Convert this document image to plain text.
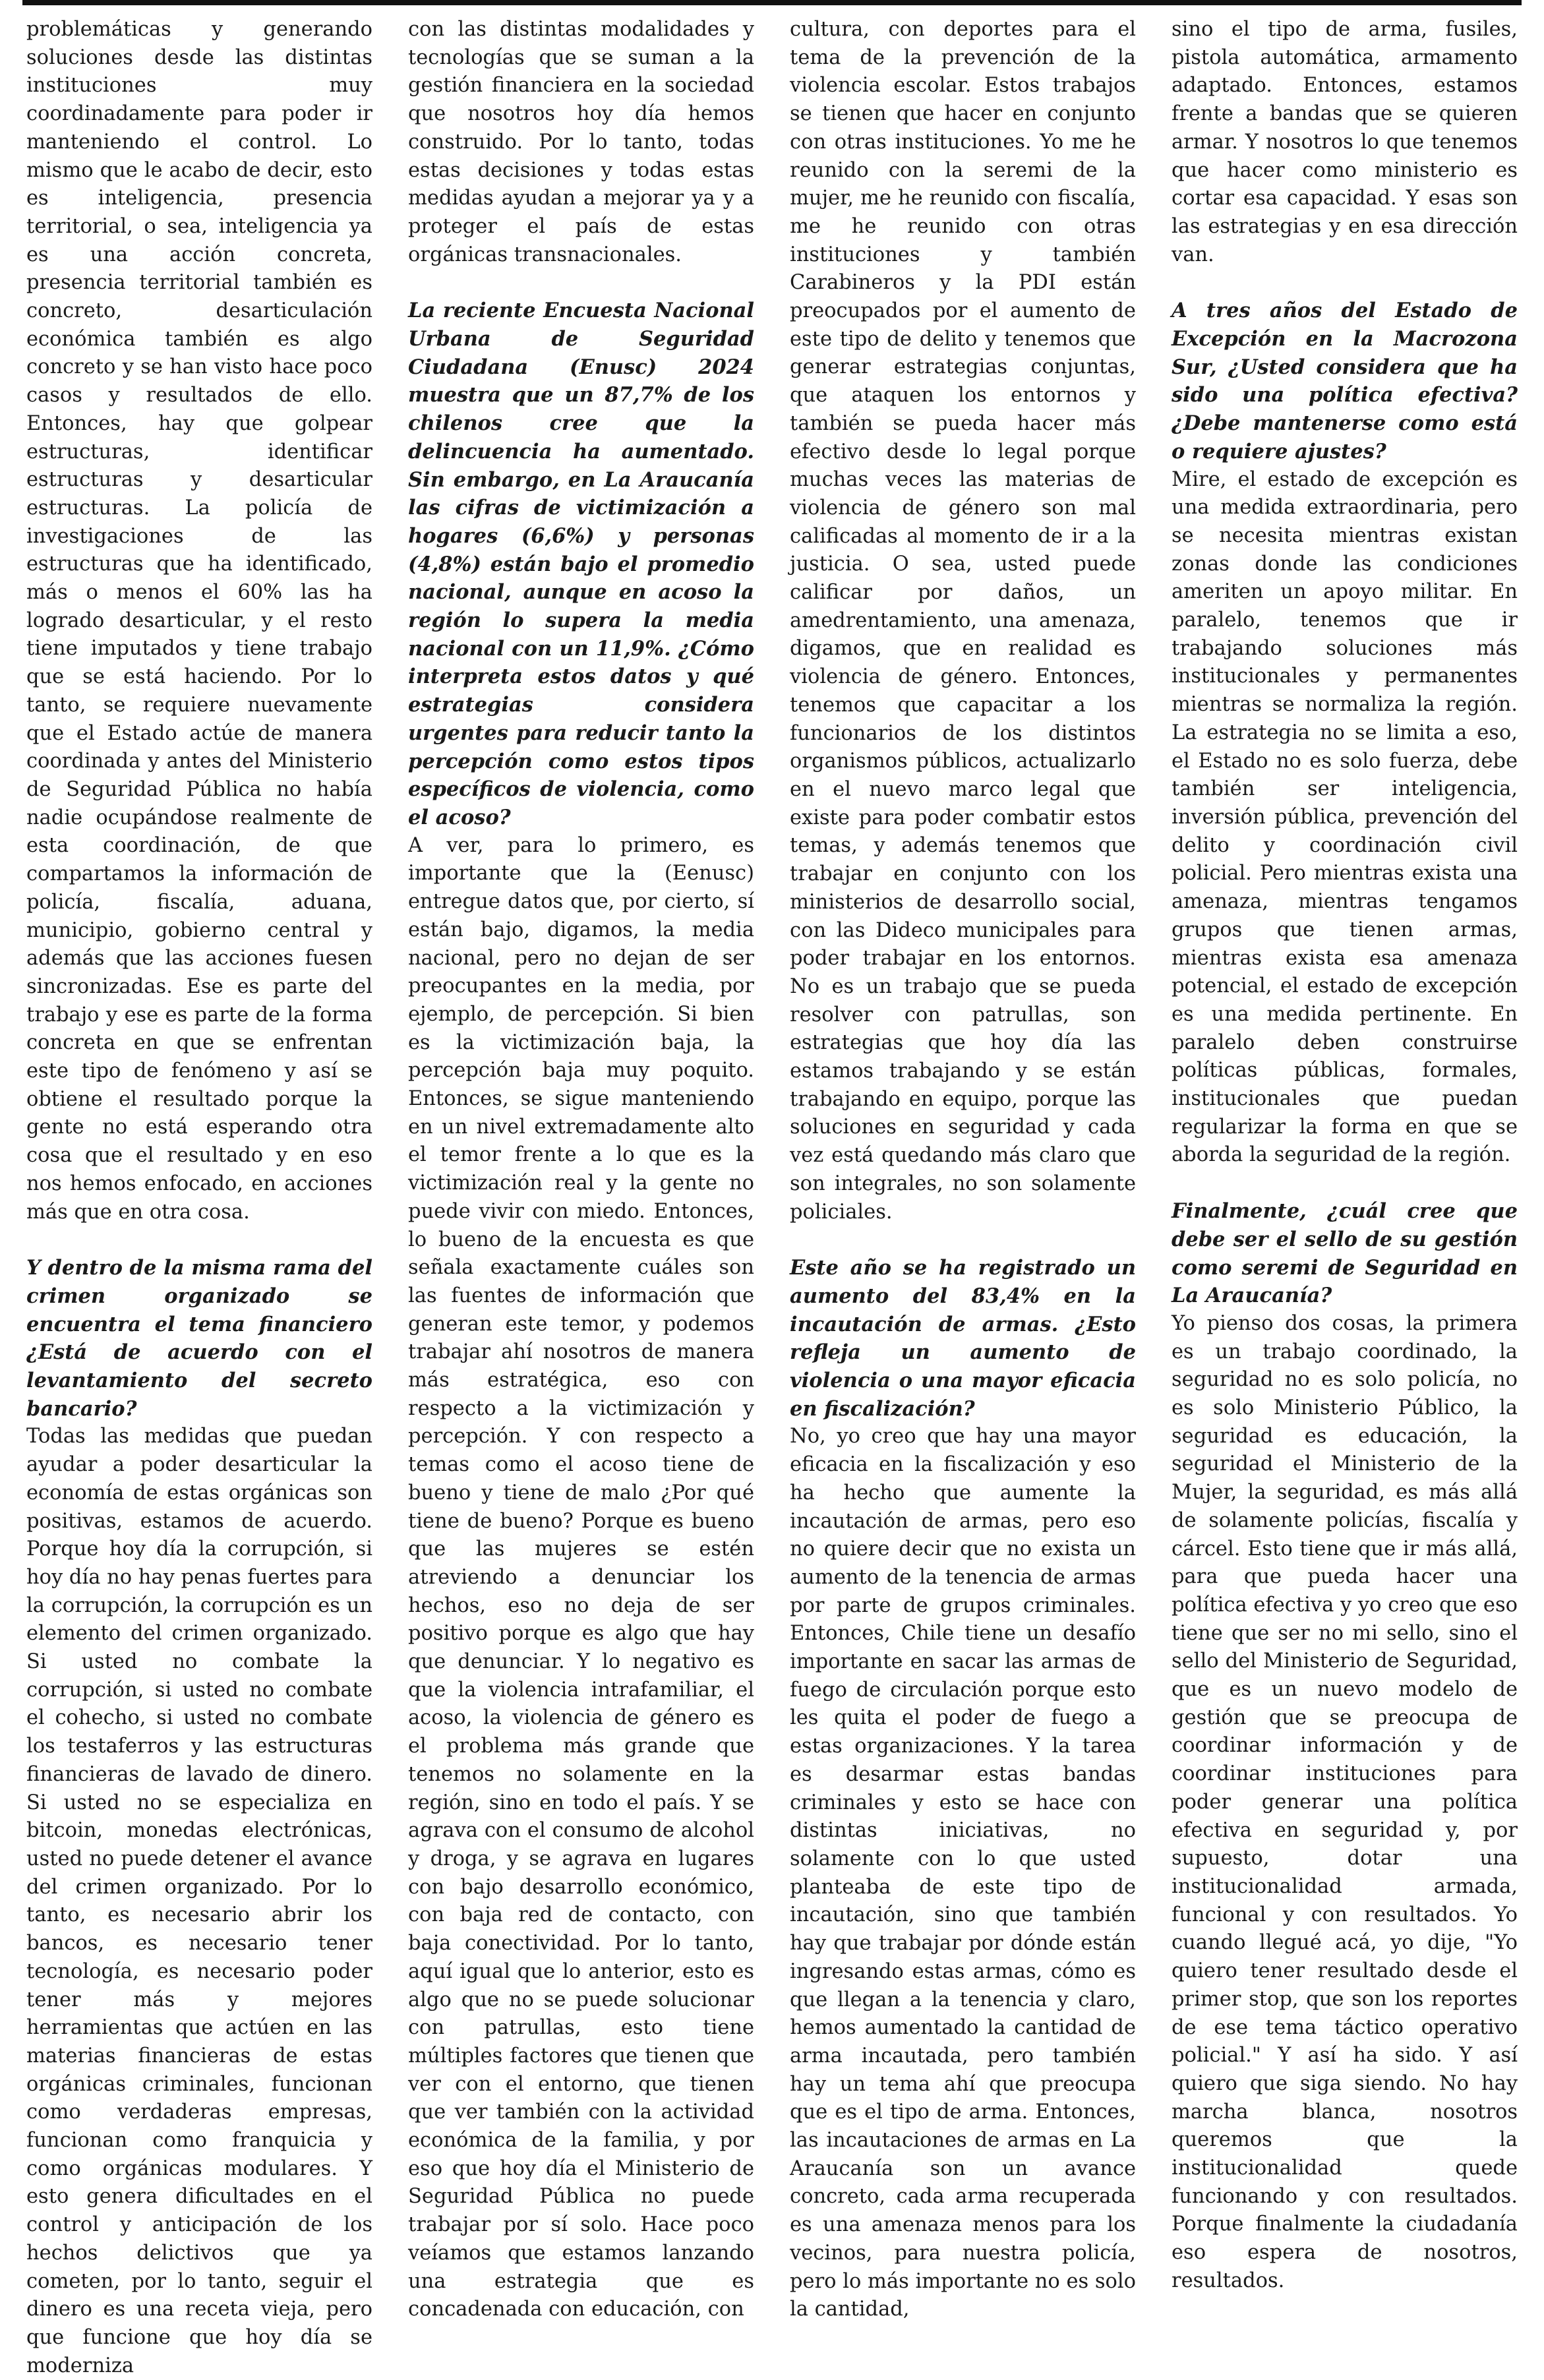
problemáticas y generando soluciones desde las distintas instituciones muy coordinadamente para poder ir manteniendo el control. Lo mismo que le acabo de decir, esto es inteligencia, presencia territorial, o sea, inteligencia ya es una acción concreta, presencia territorial también es concreto, desarticulación económica también es algo concreto y se han visto hace poco casos y resultados de ello. Entonces, hay que golpear estructuras, identificar estructuras y desarticular estructuras. La policía de investigaciones de las estructuras que ha identificado, más o menos el 60% las ha logrado desarticular, y el resto tiene imputados y tiene trabajo que se está haciendo. Por lo tanto, se requiere nuevamente que el Estado actúe de manera coordinada y antes del Ministerio de Seguridad Pública no había nadie ocupándose realmente de esta coordinación, de que compartamos la información de policía, fiscalía, aduana, municipio, gobierno central y además que las acciones fuesen sincronizadas. Ese es parte del trabajo y ese es parte de la forma concreta en que se enfrentan este tipo de fenómeno y así se obtiene el resultado porque la gente no está esperando otra cosa que el resultado y en eso nos hemos enfocado, en acciones más que en otra cosa.

Y dentro de la misma rama del crimen organizado se encuentra el tema financiero ¿Está de acuerdo con el levantamiento del secreto bancario?

Todas las medidas que puedan ayudar a poder desarticular la economía de estas orgánicas son positivas, estamos de acuerdo. Porque hoy día la corrupción, si hoy día no hay penas fuertes para la corrupción, la corrupción es un elemento del crimen organizado. Si usted no combate la corrupción, si usted no combate el cohecho, si usted no combate los testaferros y las estructuras financieras de lavado de dinero. Si usted no se especializa en bitcoin, monedas electrónicas, usted no puede detener el avance del crimen organizado. Por lo tanto, es necesario abrir los bancos, es necesario tener tecnología, es necesario poder tener más y mejores herramientas que actúen en las materias financieras de estas orgánicas criminales, funcionan como verdaderas empresas, funcionan como franquicia y como orgánicas modulares. Y esto genera dificultades en el control y anticipación de los hechos delictivos que ya cometen, por lo tanto, seguir el dinero es una receta vieja, pero que funcione que hoy día se moderniza

con las distintas modalidades y tecnologías que se suman a la gestión financiera en la sociedad que nosotros hoy día hemos construido. Por lo tanto, todas estas decisiones y todas estas medidas ayudan a mejorar ya y a proteger el país de estas orgánicas transnacionales.

La reciente Encuesta Nacional Urbana de Seguridad Ciudadana (Enusc) 2024 muestra que un 87,7% de los chilenos cree que la delincuencia ha aumentado. Sin embargo, en La Araucanía las cifras de victimización a hogares (6,6%) y personas (4,8%) están bajo el promedio nacional, aunque en acoso la región lo supera la media nacional con un 11,9%. ¿Cómo interpreta estos datos y qué estrategias considera urgentes para reducir tanto la percepción como estos tipos específicos de violencia, como el acoso?

A ver, para lo primero, es importante que la (Eenusc) entregue datos que, por cierto, sí están bajo, digamos, la media nacional, pero no dejan de ser preocupantes en la media, por ejemplo, de percepción. Si bien es la victimización baja, la percepción baja muy poquito. Entonces, se sigue manteniendo en un nivel extremadamente alto el temor frente a lo que es la victimización real y la gente no puede vivir con miedo. Entonces, lo bueno de la encuesta es que señala exactamente cuáles son las fuentes de información que generan este temor, y podemos trabajar ahí nosotros de manera más estratégica, eso con respecto a la victimización y percepción. Y con respecto a temas como el acoso tiene de bueno y tiene de malo ¿Por qué tiene de bueno? Porque es bueno que las mujeres se estén atreviendo a denunciar los hechos, eso no deja de ser positivo porque es algo que hay que denunciar. Y lo negativo es que la violencia intrafamiliar, el acoso, la violencia de género es el problema más grande que tenemos no solamente en la región, sino en todo el país. Y se agrava con el consumo de alcohol y droga, y se agrava en lugares con bajo desarrollo económico, con baja red de contacto, con baja conectividad. Por lo tanto, aquí igual que lo anterior, esto es algo que no se puede solucionar con patrullas, esto tiene múltiples factores que tienen que ver con el entorno, que tienen que ver también con la actividad económica de la familia, y por eso que hoy día el Ministerio de Seguridad Pública no puede trabajar por sí solo. Hace poco veíamos que estamos lanzando una estrategia que es concadenada con educación, con

cultura, con deportes para el tema de la prevención de la violencia escolar. Estos trabajos se tienen que hacer en conjunto con otras instituciones. Yo me he reunido con la seremi de la mujer, me he reunido con fiscalía, me he reunido con otras instituciones y también Carabineros y la PDI están preocupados por el aumento de este tipo de delito y tenemos que generar estrategias conjuntas, que ataquen los entornos y también se pueda hacer más efectivo desde lo legal porque muchas veces las materias de violencia de género son mal calificadas al momento de ir a la justicia. O sea, usted puede calificar por daños, un amedrentamiento, una amenaza, digamos, que en realidad es violencia de género. Entonces, tenemos que capacitar a los funcionarios de los distintos organismos públicos, actualizarlo en el nuevo marco legal que existe para poder combatir estos temas, y además tenemos que trabajar en conjunto con los ministerios de desarrollo social, con las Dideco municipales para poder trabajar en los entornos. No es un trabajo que se pueda resolver con patrullas, son estrategias que hoy día las estamos trabajando y se están trabajando en equipo, porque las soluciones en seguridad y cada vez está quedando más claro que son integrales, no son solamente policiales.

Este año se ha registrado un aumento del 83,4% en la incautación de armas. ¿Esto refleja un aumento de violencia o una mayor eficacia en fiscalización?

No, yo creo que hay una mayor eficacia en la fiscalización y eso ha hecho que aumente la incautación de armas, pero eso no quiere decir que no exista un aumento de la tenencia de armas por parte de grupos criminales. Entonces, Chile tiene un desafío importante en sacar las armas de fuego de circulación porque esto les quita el poder de fuego a estas organizaciones. Y la tarea es desarmar estas bandas criminales y esto se hace con distintas iniciativas, no solamente con lo que usted planteaba de este tipo de incautación, sino que también hay que trabajar por dónde están ingresando estas armas, cómo es que llegan a la tenencia y claro, hemos aumentado la cantidad de arma incautada, pero también hay un tema ahí que preocupa que es el tipo de arma. Entonces, las incautaciones de armas en La Araucanía son un avance concreto, cada arma recuperada es una amenaza menos para los vecinos, para nuestra policía, pero lo más importante no es solo la cantidad,

sino el tipo de arma, fusiles, pistola automática, armamento adaptado. Entonces, estamos frente a bandas que se quieren armar. Y nosotros lo que tenemos que hacer como ministerio es cortar esa capacidad. Y esas son las estrategias y en esa dirección van.

A tres años del Estado de Excepción en la Macrozona Sur, ¿Usted considera que ha sido una política efectiva? ¿Debe mantenerse como está o requiere ajustes?

Mire, el estado de excepción es una medida extraordinaria, pero se necesita mientras existan zonas donde las condiciones ameriten un apoyo militar. En paralelo, tenemos que ir trabajando soluciones más institucionales y permanentes mientras se normaliza la región. La estrategia no se limita a eso, el Estado no es solo fuerza, debe también ser inteligencia, inversión pública, prevención del delito y coordinación civil policial. Pero mientras exista una amenaza, mientras tengamos grupos que tienen armas, mientras exista esa amenaza potencial, el estado de excepción es una medida pertinente. En paralelo deben construirse políticas públicas, formales, institucionales que puedan regularizar la forma en que se aborda la seguridad de la región.

Finalmente, ¿cuál cree que debe ser el sello de su gestión como seremi de Seguridad en La Araucanía?

Yo pienso dos cosas, la primera es un trabajo coordinado, la seguridad no es solo policía, no es solo Ministerio Público, la seguridad es educación, la seguridad el Ministerio de la Mujer, la seguridad, es más allá de solamente policías, fiscalía y cárcel. Esto tiene que ir más allá, para que pueda hacer una política efectiva y yo creo que eso tiene que ser no mi sello, sino el sello del Ministerio de Seguridad, que es un nuevo modelo de gestión que se preocupa de coordinar información y de coordinar instituciones para poder generar una política efectiva en seguridad y, por supuesto, dotar una institucionalidad armada, funcional y con resultados. Yo cuando llegué acá, yo dije, "Yo quiero tener resultado desde el primer stop, que son los reportes de ese tema táctico operativo policial." Y así ha sido. Y así quiero que siga siendo. No hay marcha blanca, nosotros queremos que la institucionalidad quede funcionando y con resultados. Porque finalmente la ciudadanía eso espera de nosotros, resultados.
